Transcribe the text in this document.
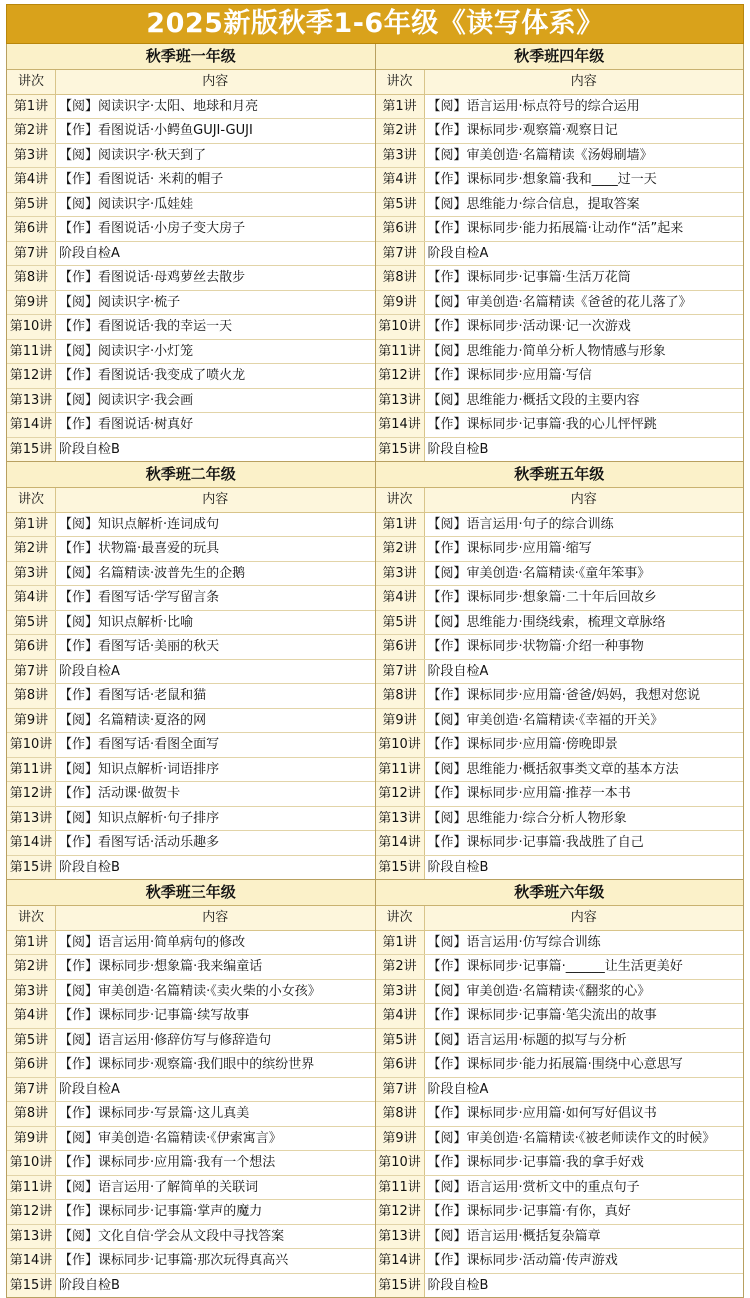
2025新版秋季1-6年级《读写体系》
秋季班一年级
讲次	内容
第1讲 【阅】阅读识字·太阳、地球和月亮
第2讲 【作】看图说话·小鳄鱼GUJI-GUJI
第3讲 【阅】阅读识字·秋天到了
第4讲 【作】看图说话· 米莉的帽子
第5讲 【阅】阅读识字·瓜娃娃
第6讲 【作】看图说话·小房子变大房子
第7讲 阶段自检A
第8讲 【作】看图说话·母鸡萝丝去散步
第9讲 【阅】阅读识字·梳子
第10讲 【作】看图说话·我的幸运一天
第11讲 【阅】阅读识字·小灯笼
第12讲 【作】看图说话·我变成了喷火龙
第13讲 【阅】阅读识字·我会画
第14讲 【作】看图说话·树真好
第15讲 阶段自检B
秋季班二年级
讲次	内容
第1讲 【阅】知识点解析·连词成句
第2讲 【作】状物篇·最喜爱的玩具
第3讲 【阅】名篇精读·波普先生的企鹅
第4讲 【作】看图写话·学写留言条
第5讲 【阅】知识点解析·比喻
第6讲 【作】看图写话·美丽的秋天
第7讲 阶段自检A
第8讲 【作】看图写话·老鼠和猫
第9讲 【阅】名篇精读·夏洛的网
第10讲 【作】看图写话·看图全面写
第11讲 【阅】知识点解析·词语排序
第12讲 【作】活动课·做贺卡
第13讲 【阅】知识点解析·句子排序
第14讲 【作】看图写话·活动乐趣多
第15讲 阶段自检B
秋季班三年级
讲次	内容
第1讲 【阅】语言运用·简单病句的修改
第2讲 【作】课标同步·想象篇·我来编童话
第3讲 【阅】审美创造·名篇精读·《卖火柴的小女孩》
第4讲 【作】课标同步·记事篇·续写故事
第5讲 【阅】语言运用·修辞仿写与修辞造句
第6讲 【作】课标同步·观察篇·我们眼中的缤纷世界
第7讲 阶段自检A
第8讲 【作】课标同步·写景篇·这儿真美
第9讲 【阅】审美创造·名篇精读·《伊索寓言》
第10讲 【作】课标同步·应用篇·我有一个想法
第11讲 【阅】语言运用·了解简单的关联词
第12讲 【作】课标同步·记事篇·掌声的魔力
第13讲 【阅】文化自信·学会从文段中寻找答案
第14讲 【作】课标同步·记事篇·那次玩得真高兴
第15讲 阶段自检B
秋季班四年级
讲次	内容
第1讲 【阅】语言运用·标点符号的综合运用
第2讲 【作】课标同步·观察篇·观察日记
第3讲 【阅】审美创造·名篇精读《汤姆刷墙》
第4讲 【作】课标同步·想象篇·我和____过一天
第5讲 【阅】思维能力·综合信息，提取答案
第6讲 【作】课标同步·能力拓展篇·让动作“活”起来
第7讲 阶段自检A
第8讲 【作】课标同步·记事篇·生活万花筒
第9讲 【阅】审美创造·名篇精读《爸爸的花儿落了》
第10讲 【作】课标同步·活动课·记一次游戏
第11讲 【阅】思维能力·简单分析人物情感与形象
第12讲 【作】课标同步·应用篇·写信
第13讲 【阅】思维能力·概括文段的主要内容
第14讲 【作】课标同步·记事篇·我的心儿怦怦跳
第15讲 阶段自检B
秋季班五年级
讲次	内容
第1讲 【阅】语言运用·句子的综合训练
第2讲 【作】课标同步·应用篇·缩写
第3讲 【阅】审美创造·名篇精读·《童年笨事》
第4讲 【作】课标同步·想象篇·二十年后回故乡
第5讲 【阅】思维能力·围绕线索，梳理文章脉络
第6讲 【作】课标同步·状物篇·介绍一种事物
第7讲 阶段自检A
第8讲 【作】课标同步·应用篇·爸爸/妈妈，我想对您说
第9讲 【阅】审美创造·名篇精读·《幸福的开关》
第10讲 【作】课标同步·应用篇·傍晚即景
第11讲 【阅】思维能力·概括叙事类文章的基本方法
第12讲 【作】课标同步·应用篇·推荐一本书
第13讲 【阅】思维能力·综合分析人物形象
第14讲 【作】课标同步·记事篇·我战胜了自己
第15讲 阶段自检B
秋季班六年级
讲次	内容
第1讲 【阅】语言运用·仿写综合训练
第2讲 【作】课标同步·记事篇·______让生活更美好
第3讲 【阅】审美创造·名篇精读·《翻浆的心》
第4讲 【作】课标同步·记事篇·笔尖流出的故事
第5讲 【阅】语言运用·标题的拟写与分析
第6讲 【作】课标同步·能力拓展篇·围绕中心意思写
第7讲 阶段自检A
第8讲 【作】课标同步·应用篇·如何写好倡议书
第9讲 【阅】审美创造·名篇精读·《被老师读作文的时候》
第10讲 【作】课标同步·记事篇·我的拿手好戏
第11讲 【阅】语言运用·赏析文中的重点句子
第12讲 【作】课标同步·记事篇·有你，真好
第13讲 【阅】语言运用·概括复杂篇章
第14讲 【作】课标同步·活动篇·传声游戏
第15讲 阶段自检B
